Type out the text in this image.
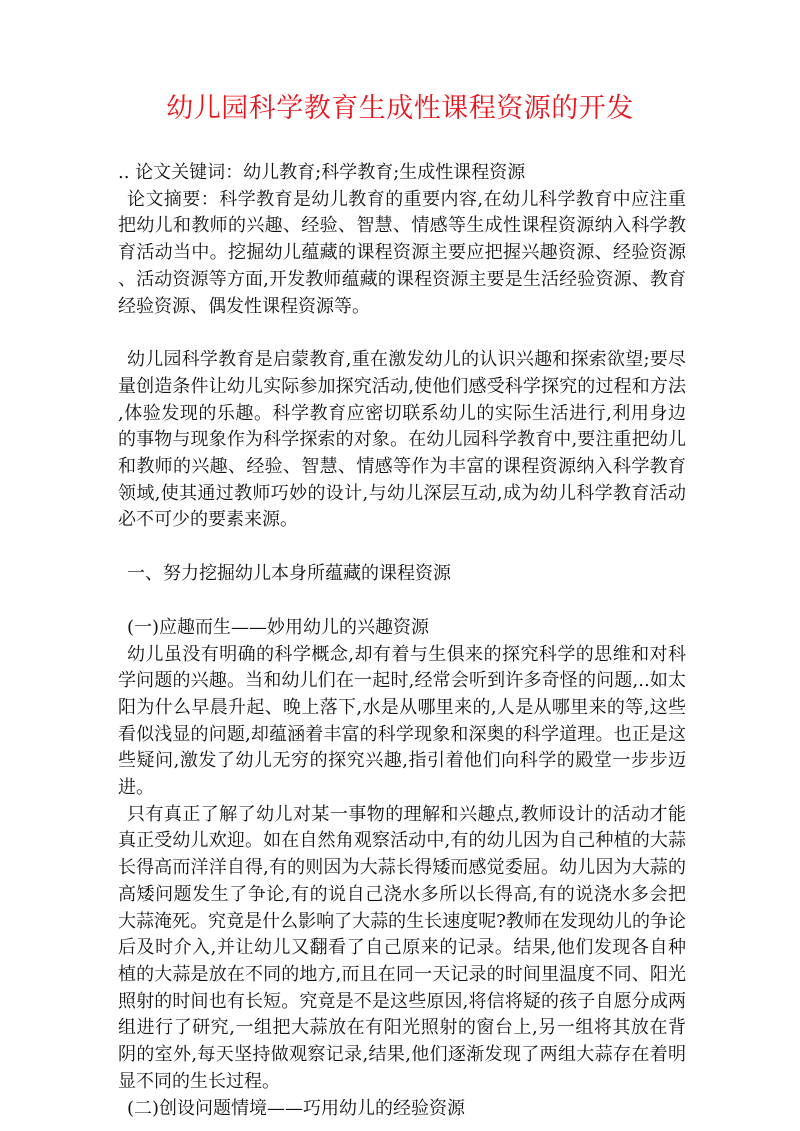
幼儿园科学教育生成性课程资源的开发

.. 论文关键词：幼儿教育;科学教育;生成性课程资源

论文摘要：科学教育是幼儿教育的重要内容,在幼儿科学教育中应注重把幼儿和教师的兴趣、经验、智慧、情感等生成性课程资源纳入科学教育活动当中。挖掘幼儿蕴藏的课程资源主要应把握兴趣资源、经验资源、活动资源等方面,开发教师蕴藏的课程资源主要是生活经验资源、教育经验资源、偶发性课程资源等。

幼儿园科学教育是启蒙教育,重在激发幼儿的认识兴趣和探索欲望;要尽量创造条件让幼儿实际参加探究活动,使他们感受科学探究的过程和方法,体验发现的乐趣。科学教育应密切联系幼儿的实际生活进行,利用身边的事物与现象作为科学探索的对象。在幼儿园科学教育中,要注重把幼儿和教师的兴趣、经验、智慧、情感等作为丰富的课程资源纳入科学教育领域,使其通过教师巧妙的设计,与幼儿深层互动,成为幼儿科学教育活动必不可少的要素来源。

一、努力挖掘幼儿本身所蕴藏的课程资源

(一)应趣而生——妙用幼儿的兴趣资源

幼儿虽没有明确的科学概念,却有着与生俱来的探究科学的思维和对科学问题的兴趣。当和幼儿们在一起时,经常会听到许多奇怪的问题,..如太阳为什么早晨升起、晚上落下,水是从哪里来的,人是从哪里来的等,这些看似浅显的问题,却蕴涵着丰富的科学现象和深奥的科学道理。也正是这些疑问,激发了幼儿无穷的探究兴趣,指引着他们向科学的殿堂一步步迈进。

只有真正了解了幼儿对某一事物的理解和兴趣点,教师设计的活动才能真正受幼儿欢迎。如在自然角观察活动中,有的幼儿因为自己种植的大蒜长得高而洋洋自得,有的则因为大蒜长得矮而感觉委屈。幼儿因为大蒜的高矮问题发生了争论,有的说自己浇水多所以长得高,有的说浇水多会把大蒜淹死。究竟是什么影响了大蒜的生长速度呢?教师在发现幼儿的争论后及时介入,并让幼儿又翻看了自己原来的记录。结果,他们发现各自种植的大蒜是放在不同的地方,而且在同一天记录的时间里温度不同、阳光照射的时间也有长短。究竟是不是这些原因,将信将疑的孩子自愿分成两组进行了研究,一组把大蒜放在有阳光照射的窗台上,另一组将其放在背阴的室外,每天坚持做观察记录,结果,他们逐渐发现了两组大蒜存在着明显不同的生长过程。

(二)创设问题情境——巧用幼儿的经验资源
